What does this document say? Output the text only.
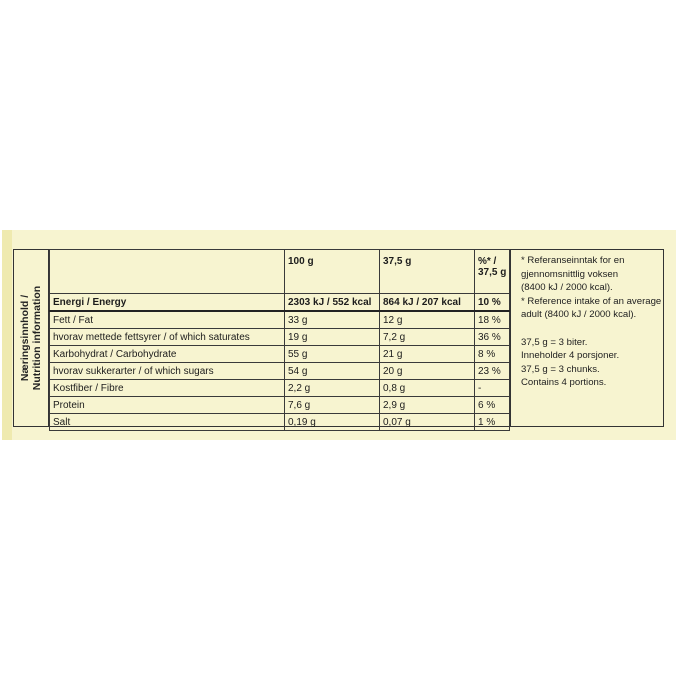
Næringsinnhold / Nutrition information
	100 g	37,5 g	%* /
37,5 g

Energi / Energy	2303 kJ / 552 kcal	864 kJ / 207 kcal	10 %
Fett / Fat	33 g	12 g	18 %
hvorav mettede fettsyrer / of which saturates	19 g	7,2 g	36 %
Karbohydrat / Carbohydrate	55 g	21 g	8 %
hvorav sukkerarter / of which sugars	54 g	20 g	23 %
Kostfiber / Fibre	2,2 g	0,8 g	-
Protein	7,6 g	2,9 g	6 %
Salt	0,19 g	0,07 g	1 %

* Referanseinntak for en

gjennomsnittlig voksen

(8400 kJ / 2000 kcal).

* Reference intake of an average

adult (8400 kJ / 2000 kcal).

37,5 g = 3 biter.

Inneholder 4 porsjoner.

37,5 g = 3 chunks.

Contains 4 portions.
